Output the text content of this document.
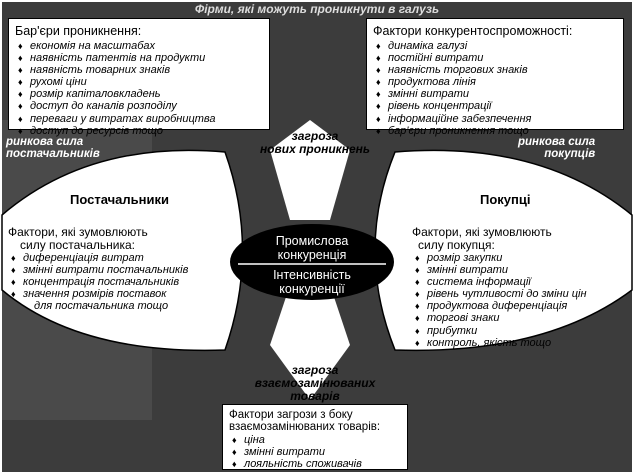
Фірми, які можуть проникнути в галузь
Бар'єри проникнення:
♦ економія на масштабах
♦ наявність патентів на продукти
♦ наявність товарних знаків
♦ рухомі ціни
♦ розмір капіталовкладень
♦ доступ до каналів розподілу
♦ переваги у витратах виробництва
♦ доступ до ресурсів тощо
Фактори конкурентоспроможності:
♦ динаміка галузі
♦ постійні витрати
♦ наявність торгових знаків
♦ продуктова лінія
♦ змінні витрати
♦ рівень концентрації
♦ інформаційне забезпечення
♦ бар'єри проникнення тощо
загроза
нових проникнень
ринкова сила
постачальників
ринкова сила
покупців
Постачальники
Фактори, які зумовлюють
силу постачальника:
♦ диференціація витрат
♦ змінні витрати постачальників
♦ концентрація постачальників
♦ значення розмірів поставок
для постачальника тощо
Покупці
Фактори, які зумовлюють
силу покупця:
♦ розмір закупки
♦ змінні витрати
♦ система інформації
♦ рівень чутливості до зміни цін
♦ продуктова диференціація
♦ торгові знаки
♦ прибутки
♦ контроль, якість тощо
Промислова
конкуренція
Інтенсивність
конкуренції
загроза
взаємозамінюваних
товарів
Фактори загрози з боку
взаємозамінюваних товарів:
♦ ціна
♦ змінні витрати
♦ лояльність споживачів
